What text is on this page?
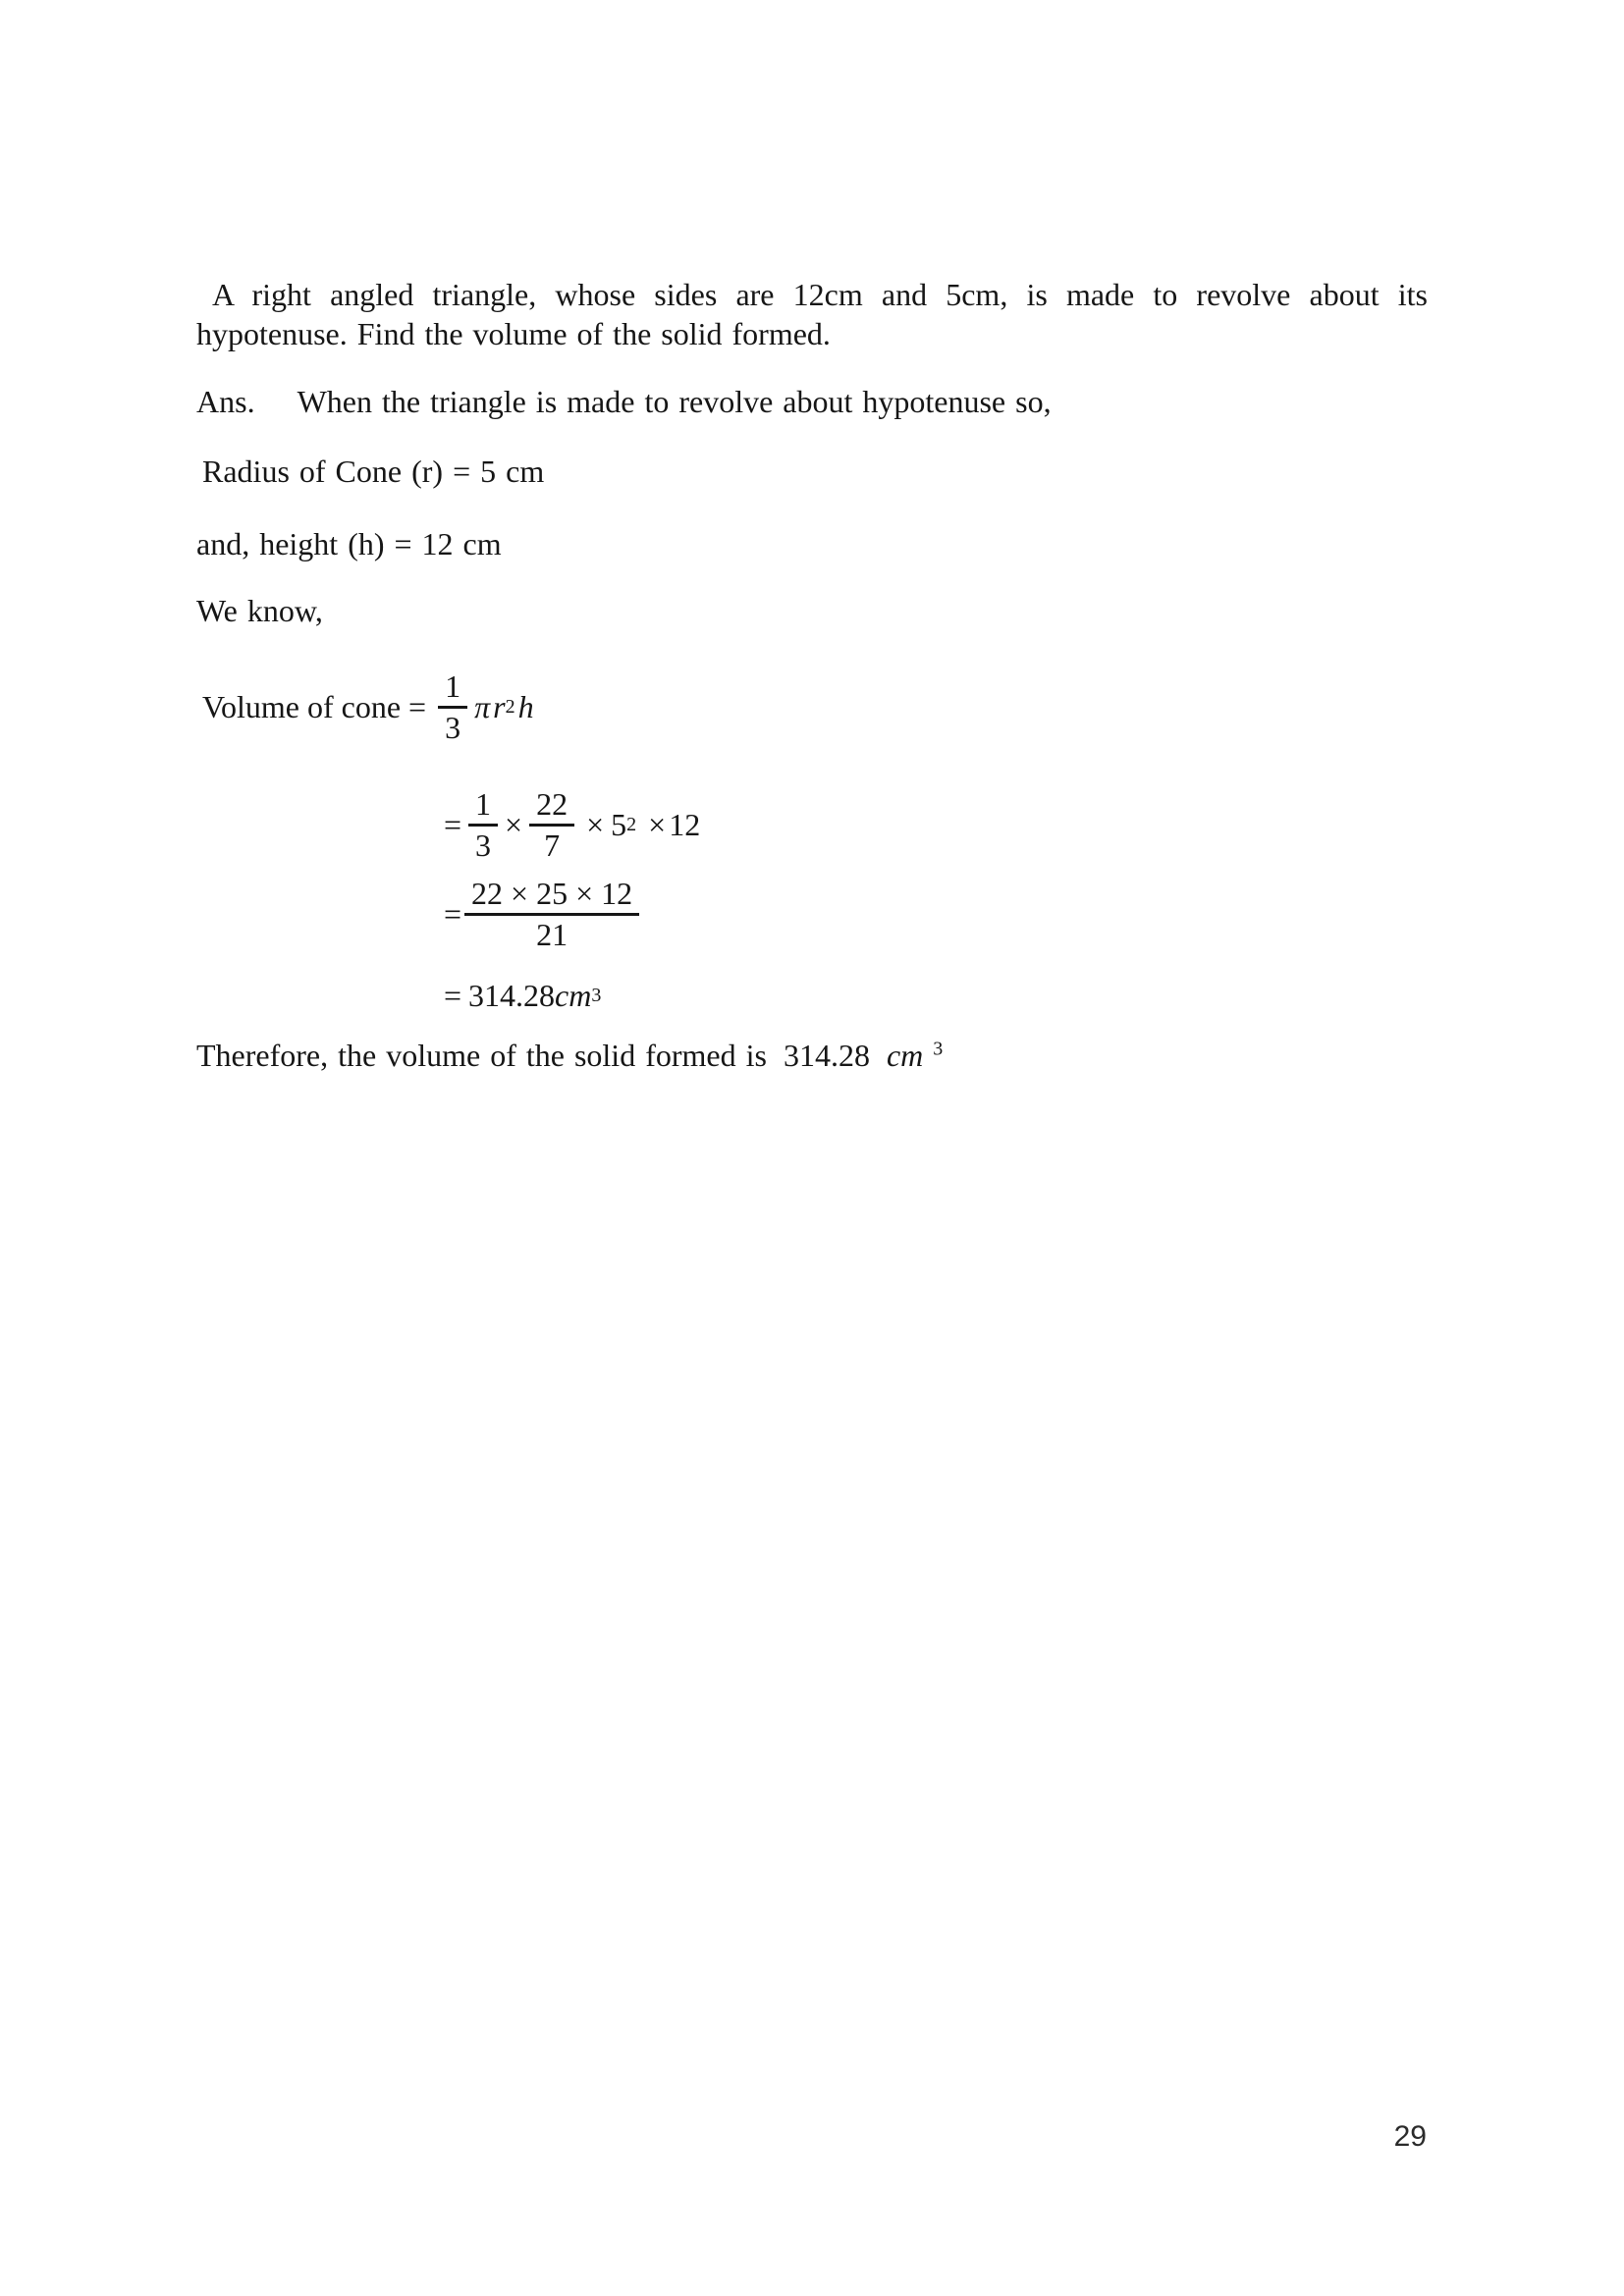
A right angled triangle, whose sides are 12cm and 5cm, is made to revolve about its
hypotenuse. Find the volume of the solid formed.
Ans. When the triangle is made to revolve about hypotenuse so,
Radius of Cone (r) = 5 cm
and, height (h) = 12 cm
We know,
Volume of cone = $\frac{1}{3}$ π r 2 h
= $\frac{1}{3} \times \frac{22}{7} \times 5$ 2 × 12
= $\frac{22 \times 25 \times 12}{21}$
= 314.28 cm 3
Therefore, the volume of the solid formed is 314.28 cm $^3$
29
